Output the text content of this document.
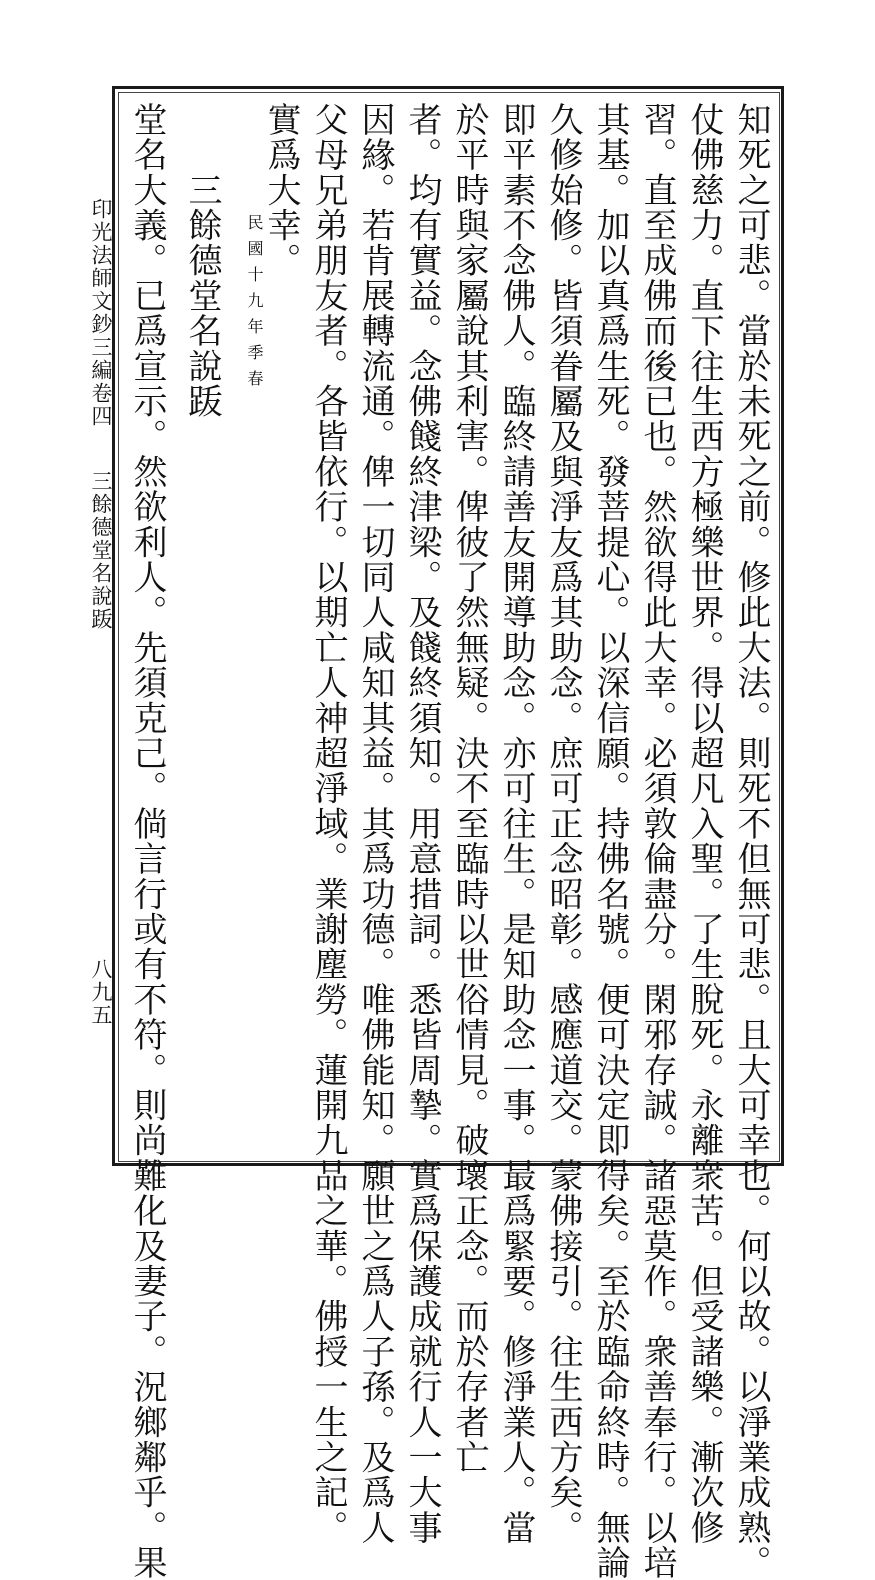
印光法師文鈔三編卷四
三餘德堂名說䟦
八九五	知死之可悲。當於未死之前。修此大法。則死不但無可悲。且大可幸也。何以故。以淨業成熟。
仗佛慈力。直下往生西方極樂世界。得以超凡入聖。了生脫死。永離衆苦。但受諸樂。漸次修
習。直至成佛而後已也。然欲得此大幸。必須敦倫盡分。閑邪存誠。諸惡莫作。衆善奉行。以培
其基。加以真爲生死。發菩提心。以深信願。持佛名號。便可決定即得矣。至於臨命終時。無論
久修始修。皆須眷屬及與淨友爲其助念。庶可正念昭彰。感應道交。蒙佛接引。往生西方矣。
即平素不念佛人。臨終請善友開導助念。亦可往生。是知助念一事。最爲緊要。修淨業人。當
於平時與家屬說其利害。俾彼了然無疑。決不至臨時以世俗情見。破壞正念。而於存者亡
者。均有實益。念佛餞終津梁。及餞終須知。用意措詞。悉皆周摯。實爲保護成就行人一大事
因緣。若肯展轉流通。俾一切同人咸知其益。其爲功德。唯佛能知。願世之爲人子孫。及爲人
父母兄弟朋友者。各皆依行。以期亡人神超淨域。業謝塵勞。蓮開九品之華。佛授一生之記。
實爲大幸。
民國十九年季春
　　三餘德堂名說䟦
堂名大義。已爲宣示。然欲利人。先須克己。倘言行或有不符。則尚難化及妻子。況鄉鄰乎。果
